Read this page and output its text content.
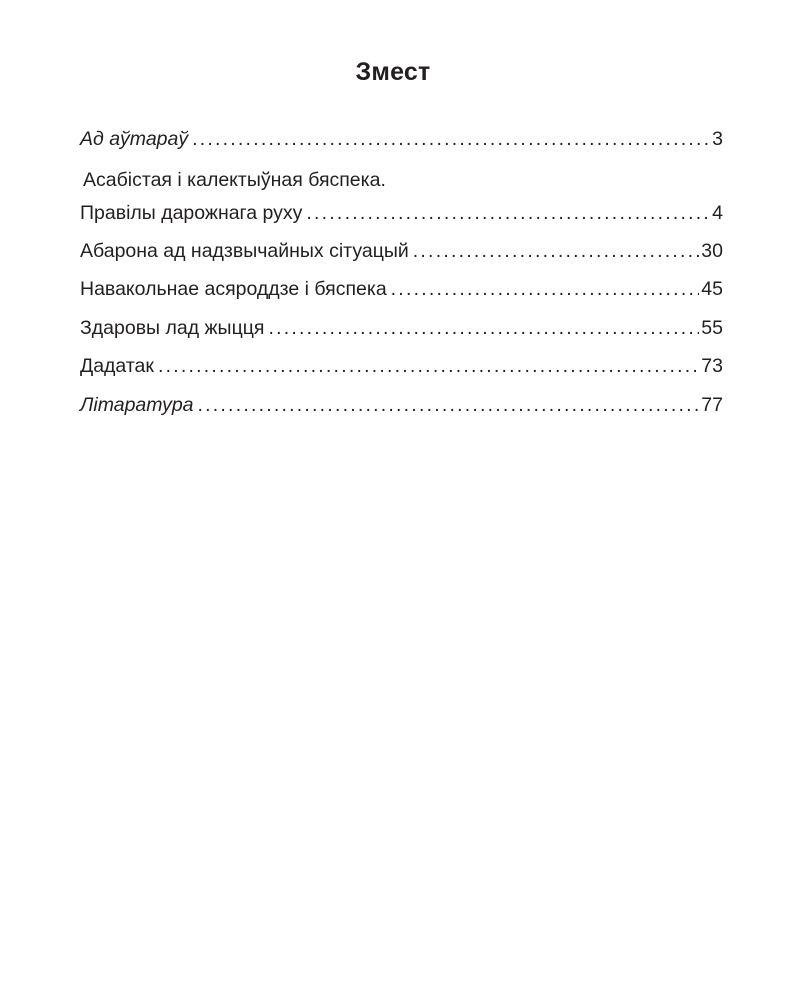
Змест
Ад аўтараў . . .	3
Асабістая і калектыўная бяспека.
Правілы дарожнага руху . . .	4
Абарона ад надзвычайных сітуацый . . .	30
Навакольнае асяроддзе і бяспека . . .	45
Здаровы лад жыцця . . .	55
Дадатак . . .	73
Літаратура . . .	77
